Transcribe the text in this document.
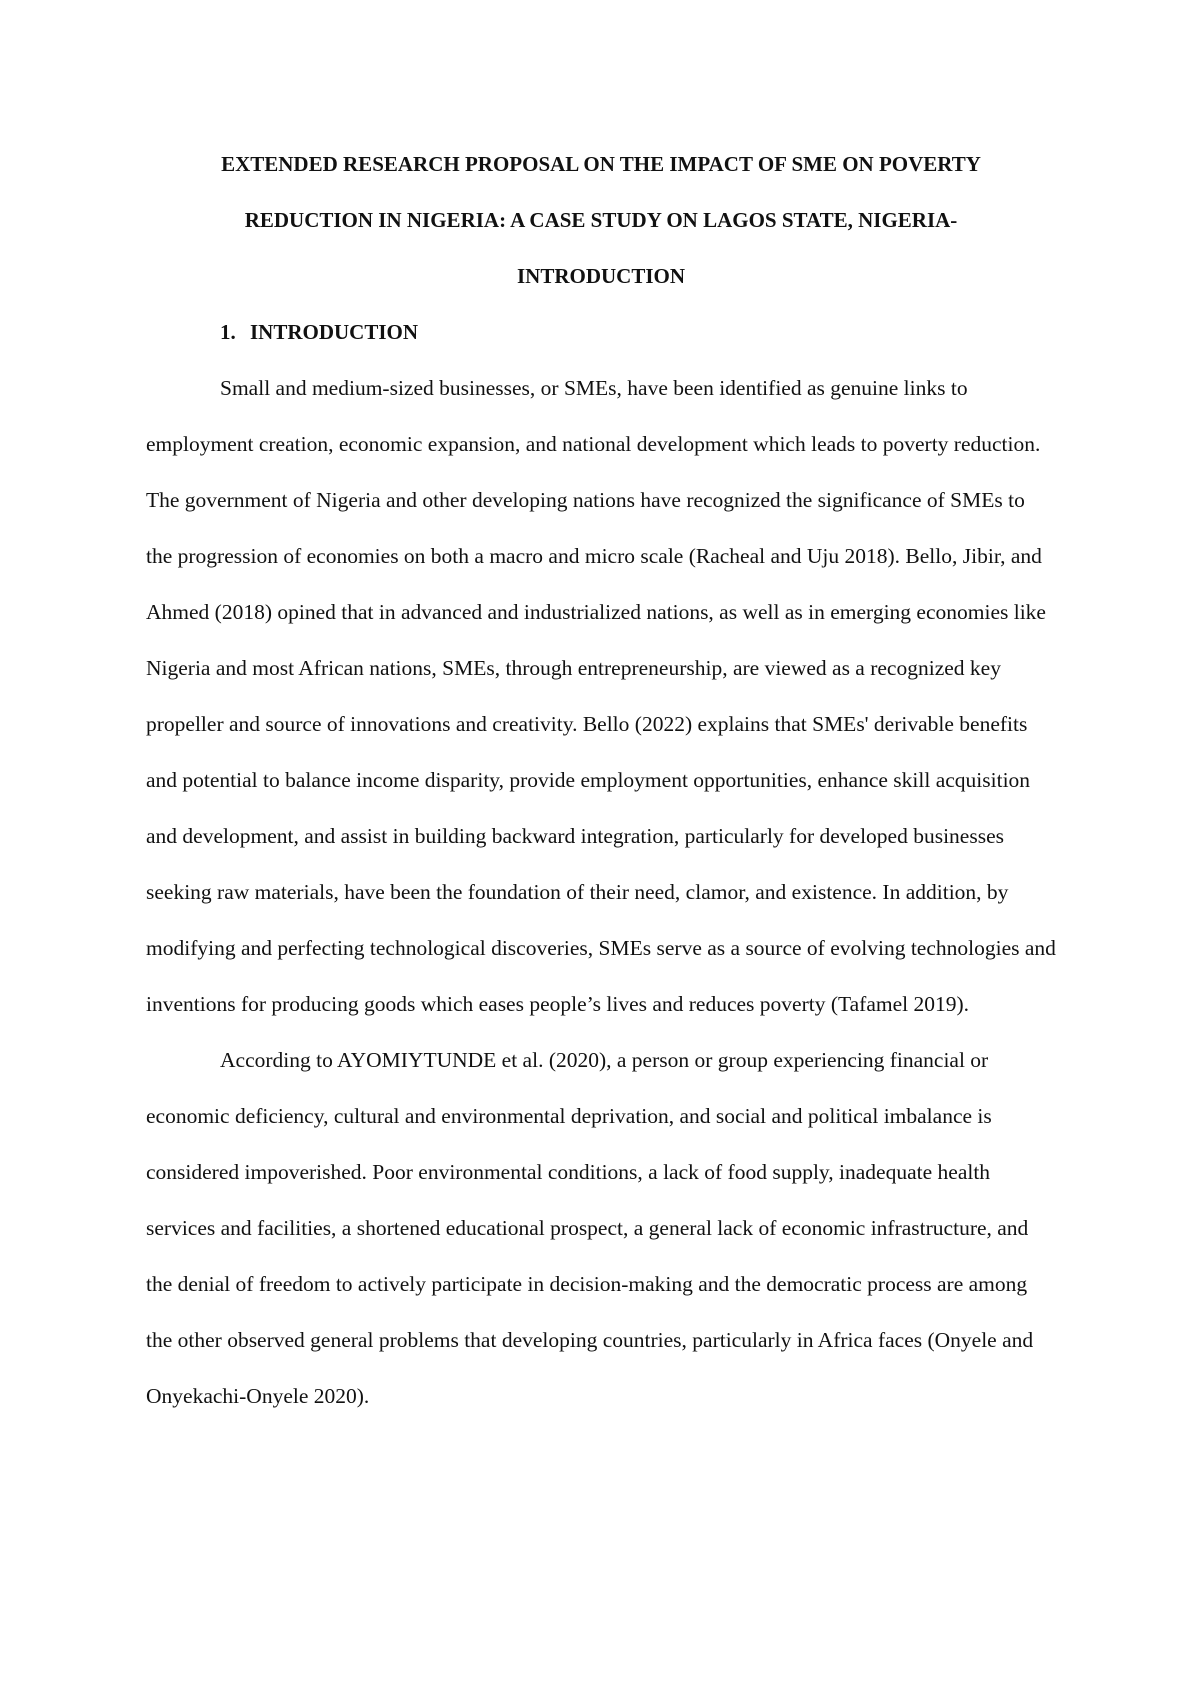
EXTENDED RESEARCH PROPOSAL ON THE IMPACT OF SME ON POVERTY
REDUCTION IN NIGERIA: A CASE STUDY ON LAGOS STATE, NIGERIA-
INTRODUCTION
1. INTRODUCTION

Small and medium-sized businesses, or SMEs, have been identified as genuine links to employment creation, economic expansion, and national development which leads to poverty reduction. The government of Nigeria and other developing nations have recognized the significance of SMEs to the progression of economies on both a macro and micro scale (Racheal and Uju 2018). Bello, Jibir, and Ahmed (2018) opined that in advanced and industrialized nations, as well as in emerging economies like Nigeria and most African nations, SMEs, through entrepreneurship, are viewed as a recognized key propeller and source of innovations and creativity. Bello (2022) explains that SMEs' derivable benefits and potential to balance income disparity, provide employment opportunities, enhance skill acquisition and development, and assist in building backward integration, particularly for developed businesses seeking raw materials, have been the foundation of their need, clamor, and existence. In addition, by modifying and perfecting technological discoveries, SMEs serve as a source of evolving technologies and inventions for producing goods which eases people’s lives and reduces poverty (Tafamel 2019).

According to AYOMIYTUNDE et al. (2020), a person or group experiencing financial or economic deficiency, cultural and environmental deprivation, and social and political imbalance is considered impoverished. Poor environmental conditions, a lack of food supply, inadequate health services and facilities, a shortened educational prospect, a general lack of economic infrastructure, and the denial of freedom to actively participate in decision-making and the democratic process are among the other observed general problems that developing countries, particularly in Africa faces (Onyele and Onyekachi-Onyele 2020).
